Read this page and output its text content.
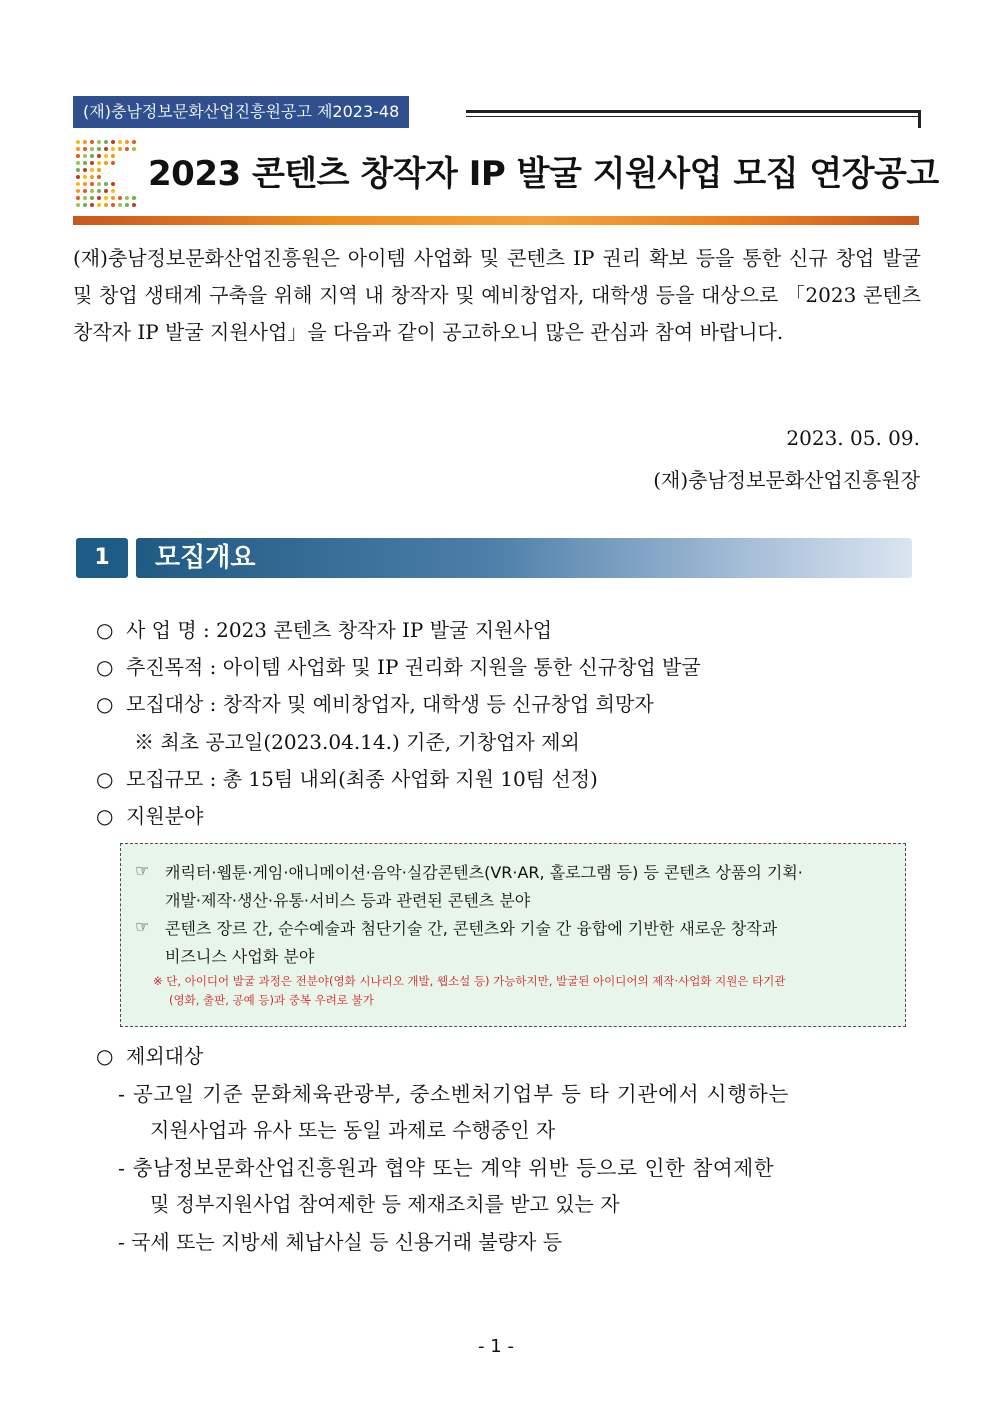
(재)충남정보문화산업진흥원공고 제2023-48
2023 콘텐츠 창작자 IP 발굴 지원사업 모집 연장공고
(재)충남정보문화산업진흥원은 아이템 사업화 및 콘텐츠 IP 권리 확보 등을 통한 신규 창업 발굴 및 창업 생태계 구축을 위해 지역 내 창작자 및 예비창업자, 대학생 등을 대상으로 「2023 콘텐츠 창작자 IP 발굴 지원사업」을 다음과 같이 공고하오니 많은 관심과 참여 바랍니다.
2023. 05. 09.
(재)충남정보문화산업진흥원장
1	모집개요
○ 사 업 명 : 2023 콘텐츠 창작자 IP 발굴 지원사업
○ 추진목적 : 아이템 사업화 및 IP 권리화 지원을 통한 신규창업 발굴
○ 모집대상 : 창작자 및 예비창업자, 대학생 등 신규창업 희망자
※ 최초 공고일(2023.04.14.) 기준, 기창업자 제외
○ 모집규모 : 총 15팀 내외(최종 사업화 지원 10팀 선정)
○ 지원분야
☞ 캐릭터·웹툰·게임·애니메이션·음악·실감콘텐츠(VR·AR, 홀로그램 등) 등 콘텐츠 상품의 기획·
개발·제작·생산·유통·서비스 등과 관련된 콘텐츠 분야
☞ 콘텐츠 장르 간, 순수예술과 첨단기술 간, 콘텐츠와 기술 간 융합에 기반한 새로운 창작과
비즈니스 사업화 분야
※ 단, 아이디어 발굴 과정은 전분야(영화 시나리오 개발, 웹소설 등) 가능하지만, 발굴된 아이디어의 제작·사업화 지원은 타기관
(영화, 출판, 공예 등)과 중복 우려로 불가
○ 제외대상
- 공고일 기준 문화체육관광부, 중소벤처기업부 등 타 기관에서 시행하는
지원사업과 유사 또는 동일 과제로 수행중인 자
- 충남정보문화산업진흥원과 협약 또는 계약 위반 등으로 인한 참여제한
및 정부지원사업 참여제한 등 제재조치를 받고 있는 자
- 국세 또는 지방세 체납사실 등 신용거래 불량자 등
- 1 -
